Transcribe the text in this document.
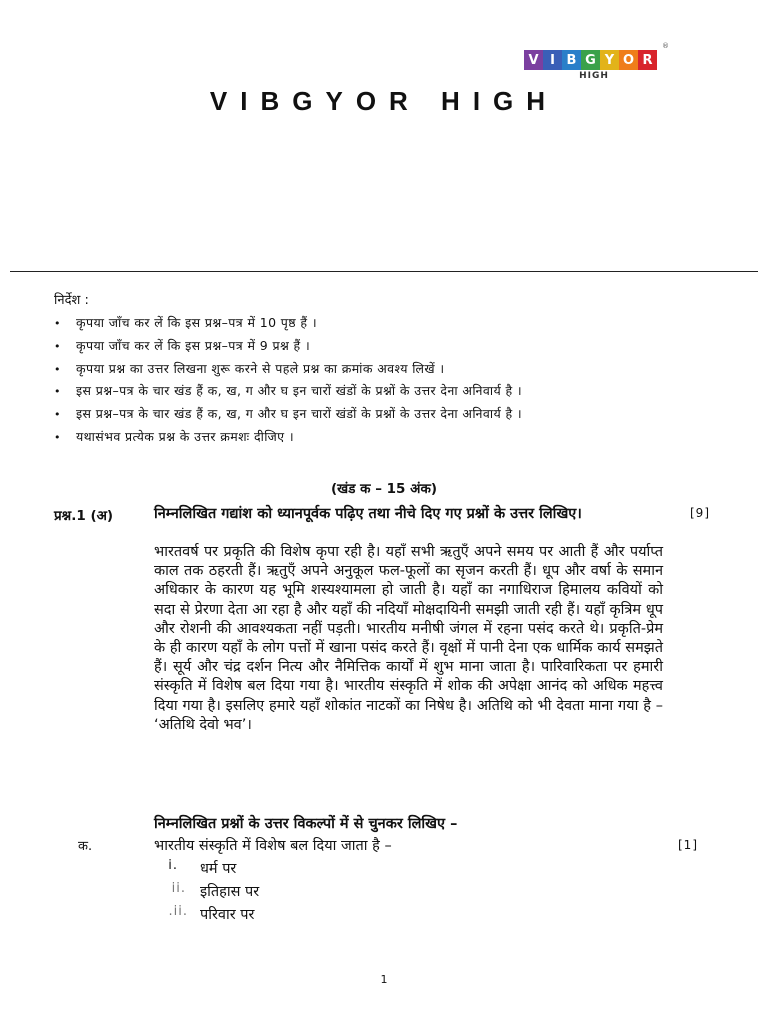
V I B G Y O R
HIGH
®
VIBGYOR HIGH
निर्देश :
• कृपया जाँच कर लें कि इस प्रश्न–पत्र में 10 पृष्ठ हैं ।
• कृपया जाँच कर लें कि इस प्रश्न–पत्र में 9 प्रश्न हैं ।
• कृपया प्रश्न का उत्तर लिखना शुरू करने से पहले प्रश्न का क्रमांक अवश्य लिखें ।
• इस प्रश्न–पत्र के चार खंड हैं क, ख, ग और घ इन चारों खंडों के प्रश्नों के उत्तर देना अनिवार्य है ।
• इस प्रश्न–पत्र के चार खंड हैं क, ख, ग और घ इन चारों खंडों के प्रश्नों के उत्तर देना अनिवार्य है ।
• यथासंभव प्रत्येक प्रश्न के उत्तर क्रमशः दीजिए ।
(खंड क – 15 अंक)
प्रश्न.1 (अ)	निम्नलिखित गद्यांश को ध्यानपूर्वक पढ़िए तथा नीचे दिए गए प्रश्नों के उत्तर लिखिए।	[9]
भारतवर्ष पर प्रकृति की विशेष कृपा रही है। यहाँ सभी ऋतुएँ अपने समय पर आती हैं और पर्याप्त काल तक ठहरती हैं। ऋतुएँ अपने अनुकूल फल-फूलों का सृजन करती हैं। धूप और वर्षा के समान अधिकार के कारण यह भूमि शस्यश्यामला हो जाती है। यहाँ का नगाधिराज हिमालय कवियों को सदा से प्रेरणा देता आ रहा है और यहाँ की नदियाँ मोक्षदायिनी समझी जाती रही हैं। यहाँ कृत्रिम धूप और रोशनी की आवश्यकता नहीं पड़ती। भारतीय मनीषी जंगल में रहना पसंद करते थे। प्रकृति-प्रेम के ही कारण यहाँ के लोग पत्तों में खाना पसंद करते हैं। वृक्षों में पानी देना एक धार्मिक कार्य समझते हैं। सूर्य और चंद्र दर्शन नित्य और नैमित्तिक कार्यों में शुभ माना जाता है। पारिवारिकता पर हमारी संस्कृति में विशेष बल दिया गया है। भारतीय संस्कृति में शोक की अपेक्षा आनंद को अधिक महत्त्व दिया गया है। इसलिए हमारे यहाँ शोकांत नाटकों का निषेध है। अतिथि को भी देवता माना गया है – ‘अतिथि देवो भव’।
निम्नलिखित प्रश्नों के उत्तर विकल्पों में से चुनकर लिखिए –
क.	भारतीय संस्कृति में विशेष बल दिया जाता है –	[1]
i. धर्म पर
ii. इतिहास पर
.ii. परिवार पर
1
